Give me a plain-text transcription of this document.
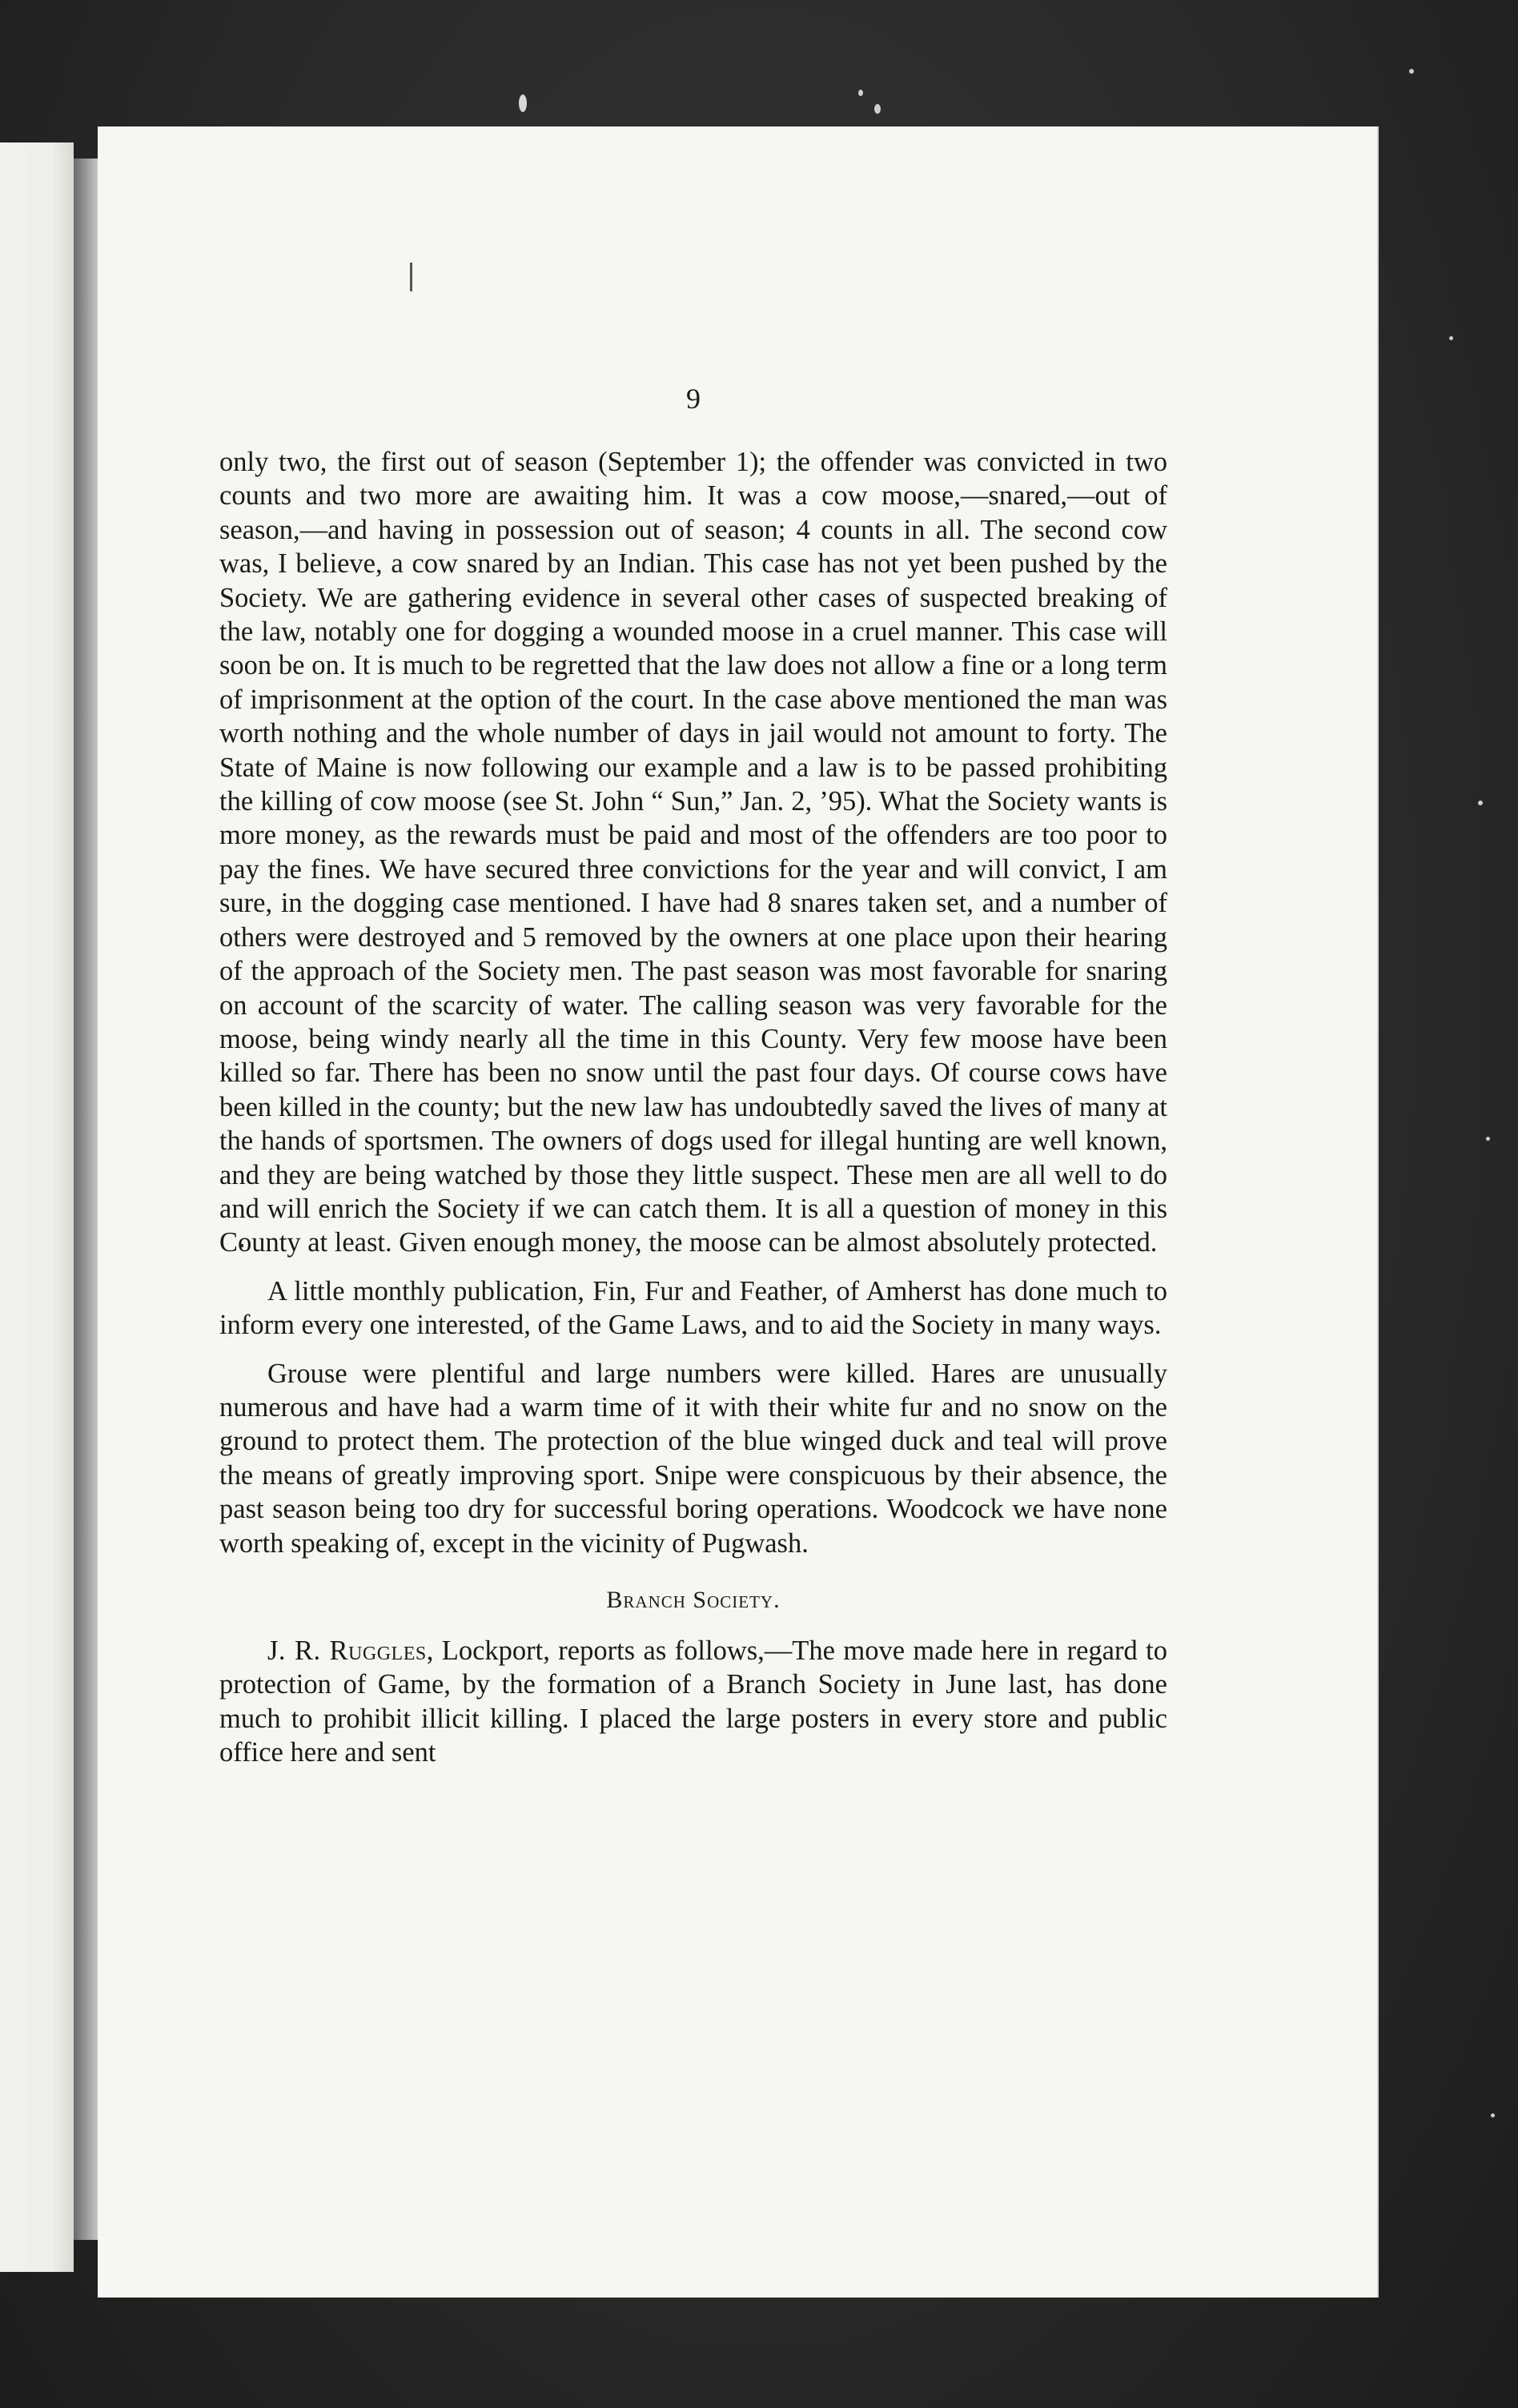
9

only two, the first out of season (September 1); the offender was convicted in two counts and two more are awaiting him. It was a cow moose,—snared,—out of season,—and having in possession out of season; 4 counts in all. The second cow was, I believe, a cow snared by an Indian. This case has not yet been pushed by the Society. We are gathering evidence in several other cases of suspected breaking of the law, notably one for dogging a wounded moose in a cruel manner. This case will soon be on. It is much to be regretted that the law does not allow a fine or a long term of imprisonment at the option of the court. In the case above mentioned the man was worth nothing and the whole number of days in jail would not amount to forty. The State of Maine is now following our example and a law is to be passed prohibiting the killing of cow moose (see St. John “ Sun,” Jan. 2, ’95). What the Society wants is more money, as the rewards must be paid and most of the offenders are too poor to pay the fines. We have secured three convictions for the year and will convict, I am sure, in the dogging case mentioned. I have had 8 snares taken set, and a number of others were destroyed and 5 removed by the owners at one place upon their hearing of the approach of the Society men. The past season was most favorable for snaring on account of the scarcity of water. The calling season was very favorable for the moose, being windy nearly all the time in this County. Very few moose have been killed so far. There has been no snow until the past four days. Of course cows have been killed in the county; but the new law has undoubtedly saved the lives of many at the hands of sportsmen. The owners of dogs used for illegal hunting are well known, and they are being watched by those they little suspect. These men are all well to do and will enrich the Society if we can catch them. It is all a question of money in this County at least. Given enough money, the moose can be almost absolutely protected.

A little monthly publication, Fin, Fur and Feather, of Amherst has done much to inform every one interested, of the Game Laws, and to aid the Society in many ways.

Grouse were plentiful and large numbers were killed. Hares are unusually numerous and have had a warm time of it with their white fur and no snow on the ground to protect them. The protection of the blue winged duck and teal will prove the means of greatly improving sport. Snipe were conspicuous by their absence, the past season being too dry for successful boring operations. Woodcock we have none worth speaking of, except in the vicinity of Pugwash.

Branch Society.

J. R. Ruggles, Lockport, reports as follows,—The move made here in regard to protection of Game, by the formation of a Branch Society in June last, has done much to prohibit illicit killing. I placed the large posters in every store and public office here and sent
